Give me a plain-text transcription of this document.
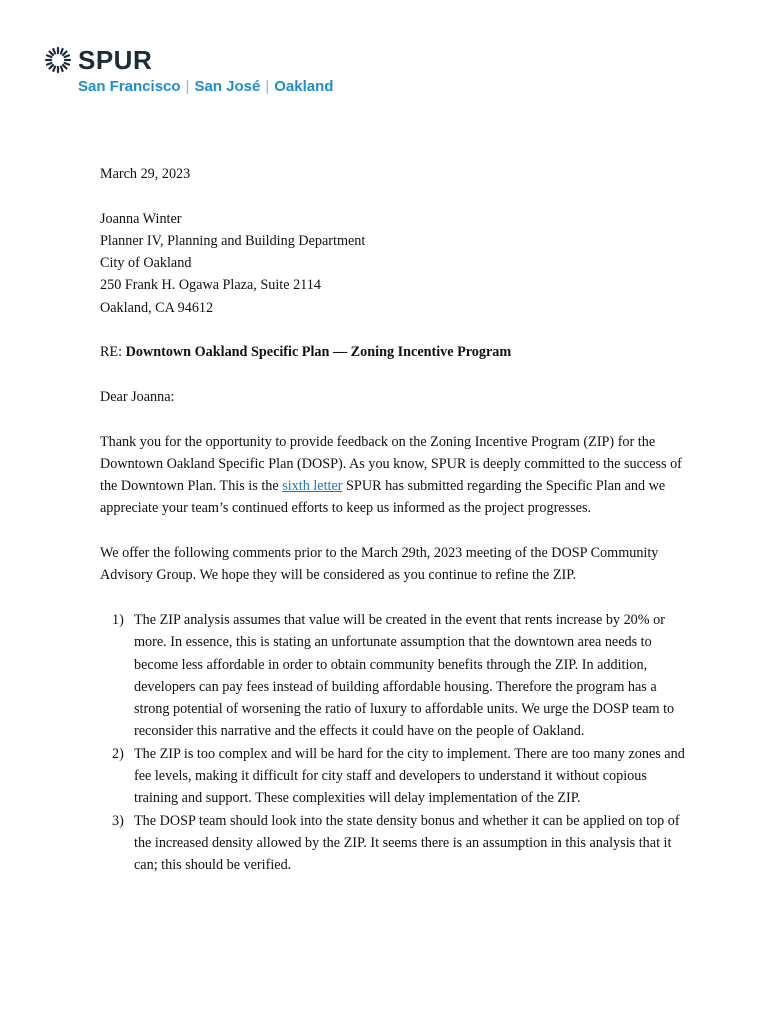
SPUR
San Francisco | San José | Oakland

March 29, 2023

Joanna Winter

Planner IV, Planning and Building Department

City of Oakland

250 Frank H. Ogawa Plaza, Suite 2114

Oakland, CA 94612

RE: Downtown Oakland Specific Plan — Zoning Incentive Program

Dear Joanna:

Thank you for the opportunity to provide feedback on the Zoning Incentive Program (ZIP) for the Downtown Oakland Specific Plan (DOSP). As you know, SPUR is deeply committed to the success of the Downtown Plan. This is the sixth letter SPUR has submitted regarding the Specific Plan and we appreciate your team’s continued efforts to keep us informed as the project progresses.

We offer the following comments prior to the March 29th, 2023 meeting of the DOSP Community Advisory Group. We hope they will be considered as you continue to refine the ZIP.

1) The ZIP analysis assumes that value will be created in the event that rents increase by 20% or more. In essence, this is stating an unfortunate assumption that the downtown area needs to become less affordable in order to obtain community benefits through the ZIP. In addition, developers can pay fees instead of building affordable housing. Therefore the program has a strong potential of worsening the ratio of luxury to affordable units. We urge the DOSP team to reconsider this narrative and the effects it could have on the people of Oakland.
2) The ZIP is too complex and will be hard for the city to implement. There are too many zones and fee levels, making it difficult for city staff and developers to understand it without copious training and support. These complexities will delay implementation of the ZIP.
3) The DOSP team should look into the state density bonus and whether it can be applied on top of the increased density allowed by the ZIP. It seems there is an assumption in this analysis that it can; this should be verified.
